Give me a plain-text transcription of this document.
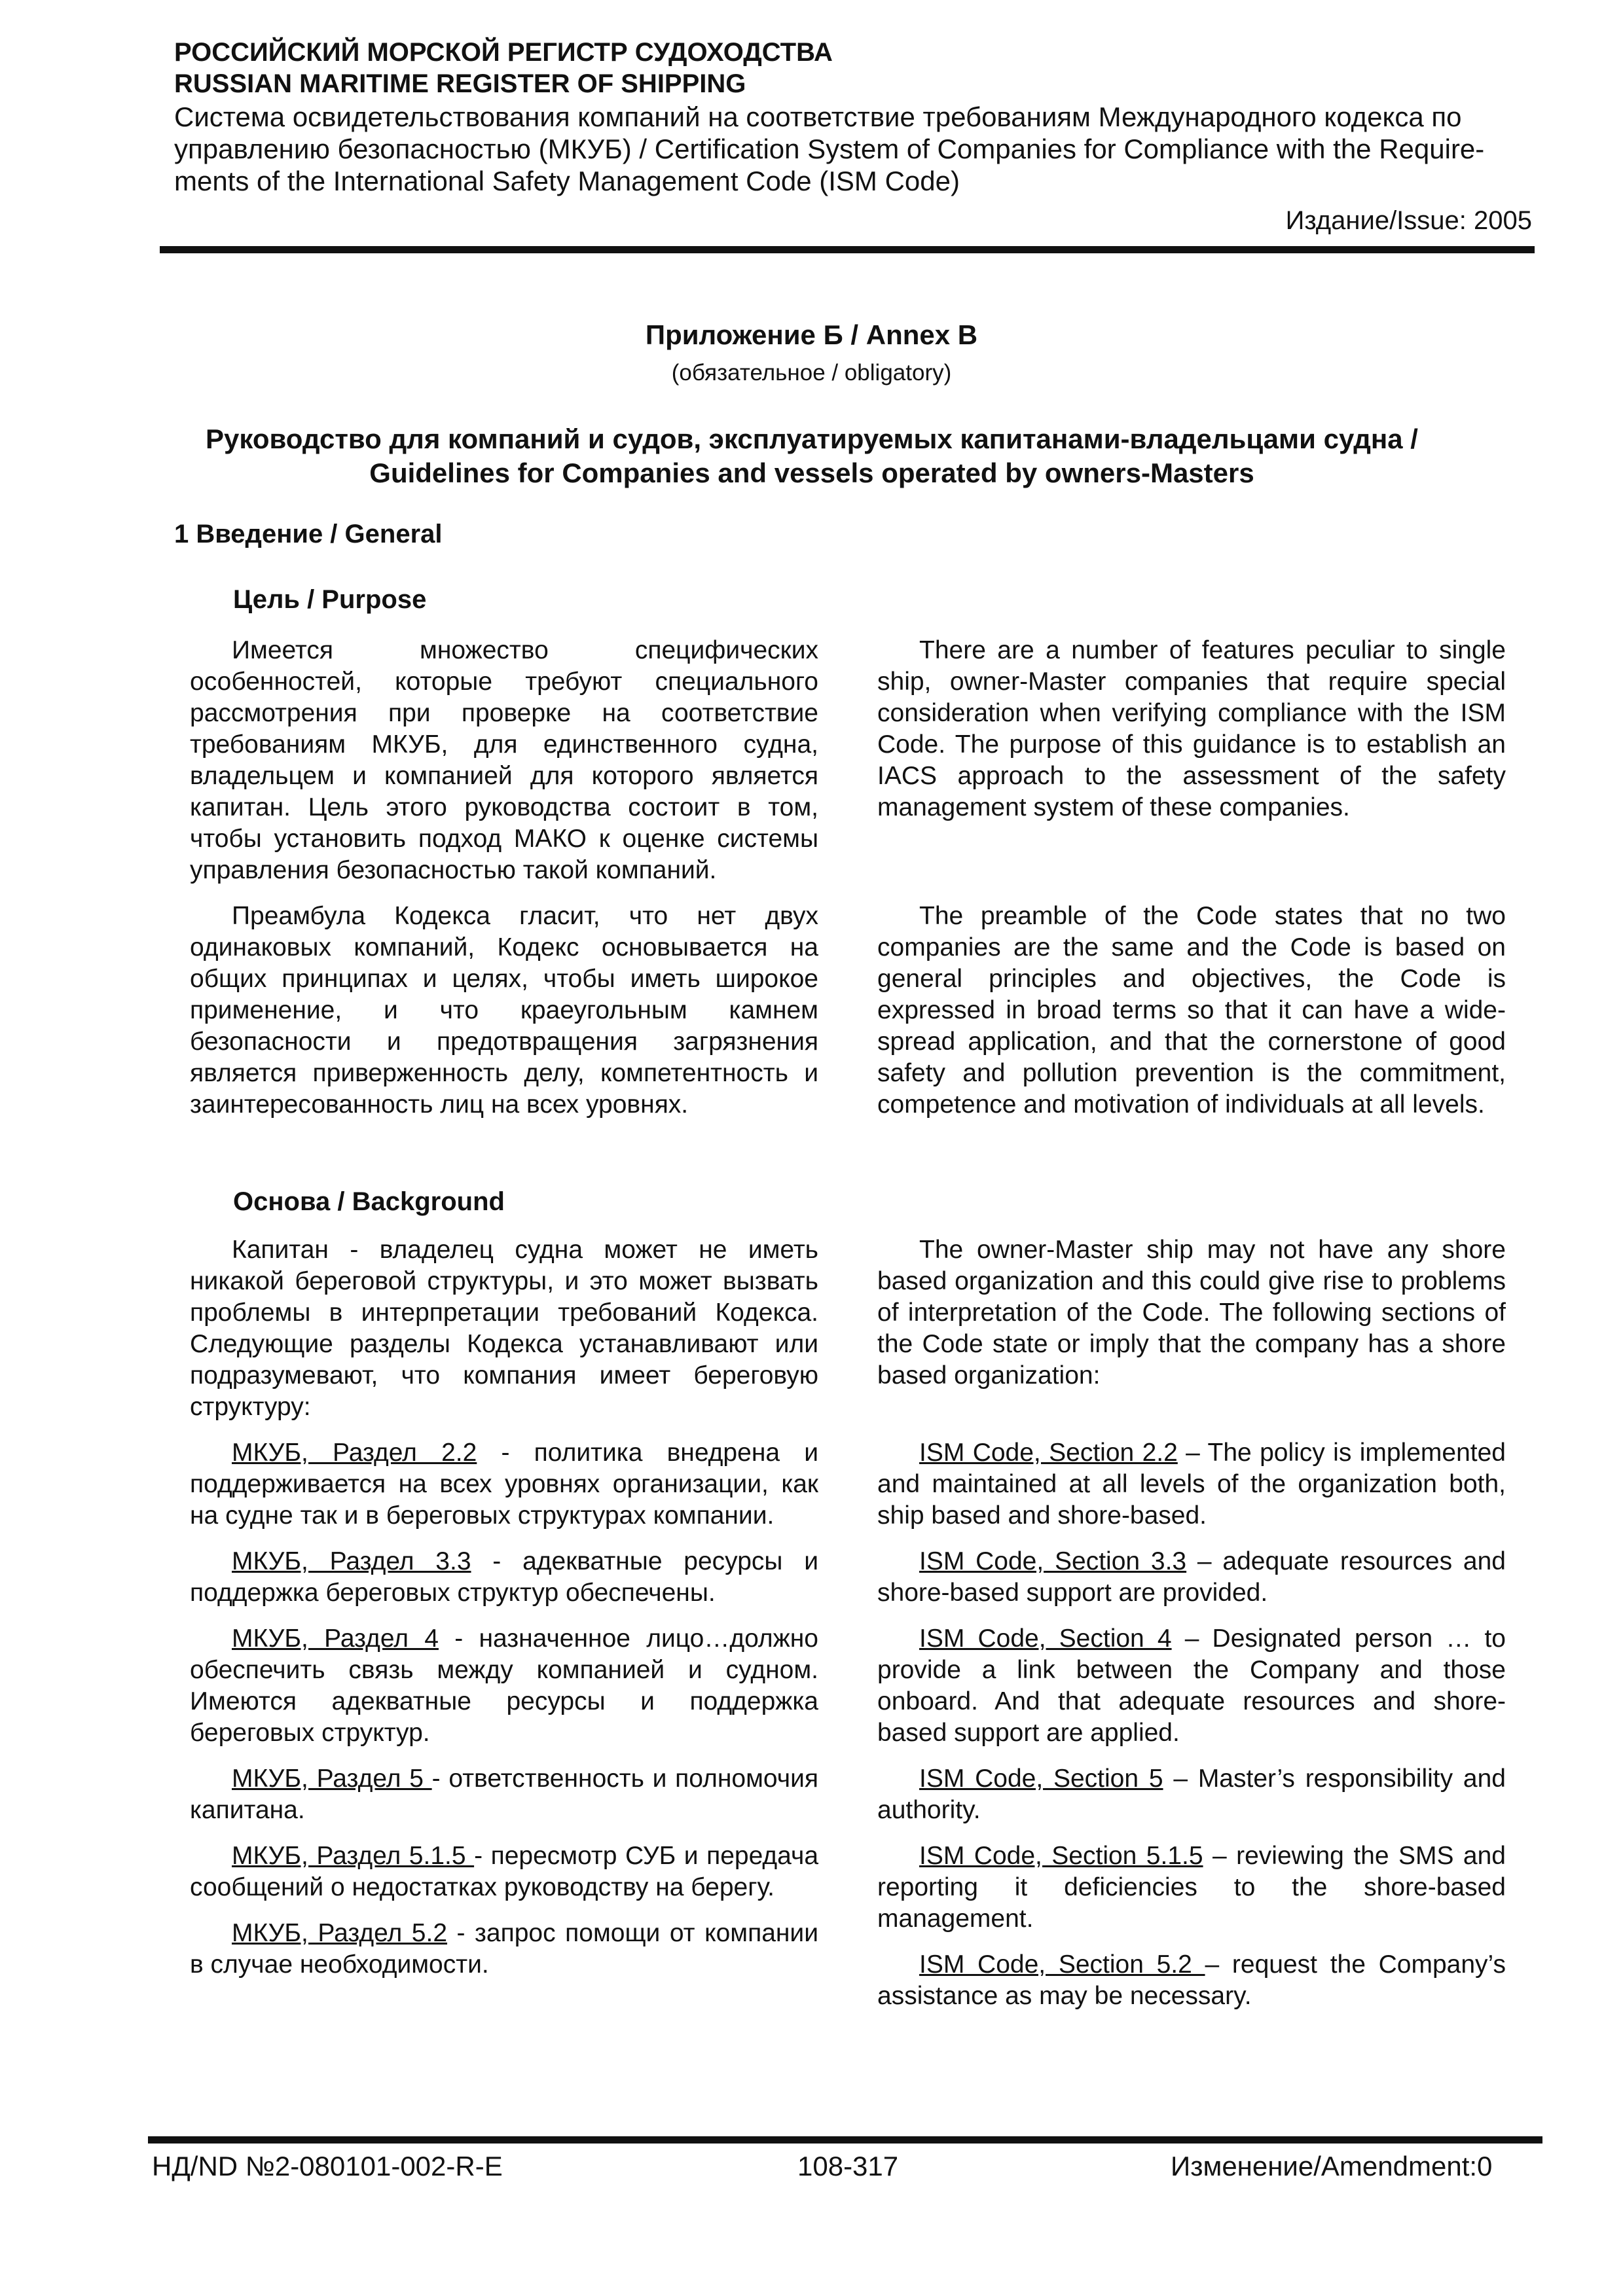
РОССИЙСКИЙ МОРСКОЙ РЕГИСТР СУДОХОДСТВА
RUSSIAN MARITIME REGISTER OF SHIPPING
Система освидетельствования компаний на соответствие требованиям Международного кодекса по
управлению безопасностью (МКУБ) / Certification System of Companies for Compliance with the Require-
ments of the International Safety Management Code (ISM Code)
Издание/Issue: 2005
Приложение Б / Annex B
(обязательное / obligatory)
Руководство для компаний и судов, эксплуатируемых капитанами-владельцами судна /
Guidelines for Companies and vessels operated by owners-Masters
1 Введение / General
Цель / Purpose

Имеется множество специфических особенностей, которые требуют специального рассмотрения при проверке на соответствие требованиям МКУБ, для единственного судна, владельцем и компанией для которого является капитан. Цель этого руководства состоит в том, чтобы установить подход МАКО к оценке системы управления безопасностью такой компаний.

Преамбула Кодекса гласит, что нет двух одинаковых компаний, Кодекс основывается на общих принципах и целях, чтобы иметь широкое применение, и что краеугольным камнем безопасности и предотвращения загрязнения является приверженность делу, компетентность и заинтересованность лиц на всех уровнях.

There are a number of features peculiar to single ship, owner-Master companies that require special consideration when verifying compliance with the ISM Code. The purpose of this guidance is to establish an IACS approach to the assessment of the safety management system of these companies.

The preamble of the Code states that no two companies are the same and the Code is based on general principles and objectives, the Code is expressed in broad terms so that it can have a wide-spread application, and that the cornerstone of good safety and pollution prevention is the commitment, competence and motivation of individuals at all levels.

Основа / Background

Капитан - владелец судна может не иметь никакой береговой структуры, и это может вызвать проблемы в интерпретации требований Кодекса. Следующие разделы Кодекса устанавливают или подразумевают, что компания имеет береговую структуру:

МКУБ, Раздел 2.2 - политика внедрена и поддерживается на всех уровнях организации, как на судне так и в береговых структурах компании.

МКУБ, Раздел 3.3 - адекватные ресурсы и поддержка береговых структур обеспечены.

МКУБ, Раздел 4 - назначенное лицо…должно обеспечить связь между компанией и судном. Имеются адекватные ресурсы и поддержка береговых структур.

МКУБ, Раздел 5 - ответственность и полномочия капитана.

МКУБ, Раздел 5.1.5 - пересмотр СУБ и передача сообщений о недостатках руководству на берегу.

МКУБ, Раздел 5.2 - запрос помощи от компании в случае необходимости.

The owner-Master ship may not have any shore based organization and this could give rise to problems of interpretation of the Code. The following sections of the Code state or imply that the company has a shore based organization:

ISM Code, Section 2.2 – The policy is implemented and maintained at all levels of the organization both, ship based and shore-based.

ISM Code, Section 3.3 – adequate resources and shore-based support are provided.

ISM Code, Section 4 – Designated person … to provide a link between the Company and those onboard. And that adequate resources and shore-based support are applied.

ISM Code, Section 5 – Master’s responsibility and authority.

ISM Code, Section 5.1.5 – reviewing the SMS and reporting it deficiencies to the shore-based management.

ISM Code, Section 5.2 – request the Company’s assistance as may be necessary.

НД/ND №2-080101-002-R-E	108-317	Изменение/Amendment:0
